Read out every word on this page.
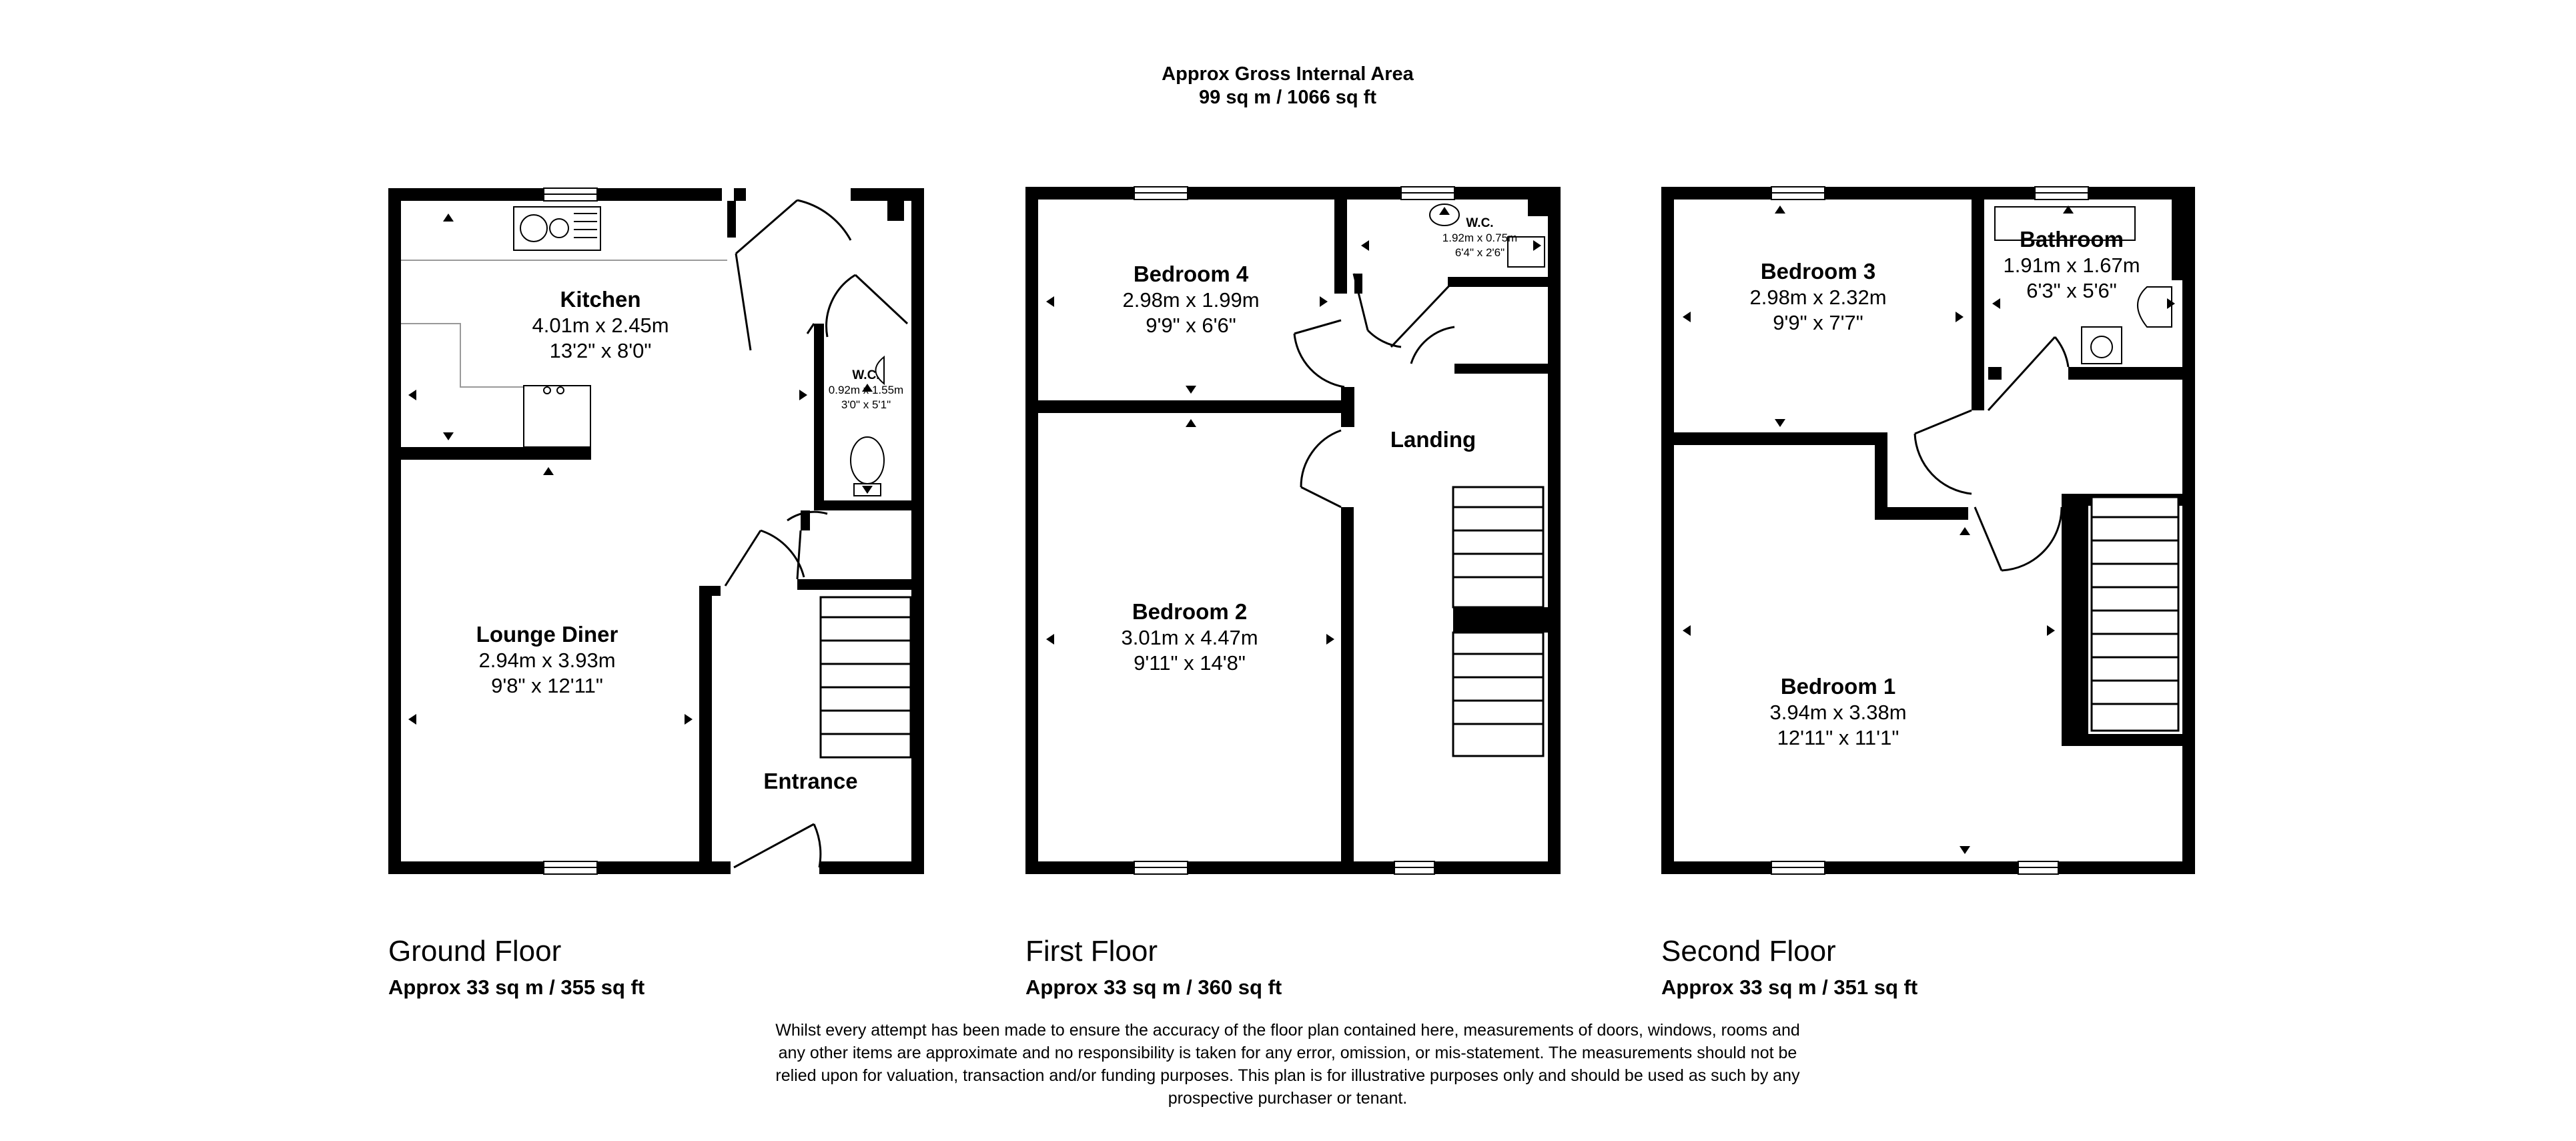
Approx Gross Internal Area
99 sq m / 1066 sq ft
Kitchen
4.01m x 2.45m
13'2" x 8'0"
Lounge Diner
2.94m x 3.93m
9'8" x 12'11"
W.C.
0.92m x 1.55m
3'0" x 5'1"
Entrance
Ground Floor
Approx 33 sq m / 355 sq ft
Bedroom 4
2.98m x 1.99m
9'9" x 6'6"
W.C.
1.92m x 0.75m
6'4" x 2'6"
Landing
Bedroom 2
3.01m x 4.47m
9'11" x 14'8"
First Floor
Approx 33 sq m / 360 sq ft
Bedroom 3
2.98m x 2.32m
9'9" x 7'7"
Bathroom
1.91m x 1.67m
6'3" x 5'6"
Bedroom 1
3.94m x 3.38m
12'11" x 11'1"
Second Floor
Approx 33 sq m / 351 sq ft
Whilst every attempt has been made to ensure the accuracy of the floor plan contained here, measurements of doors, windows, rooms and
any other items are approximate and no responsibility is taken for any error, omission, or mis-statement. The measurements should not be
relied upon for valuation, transaction and/or funding purposes. This plan is for illustrative purposes only and should be used as such by any
prospective purchaser or tenant.
